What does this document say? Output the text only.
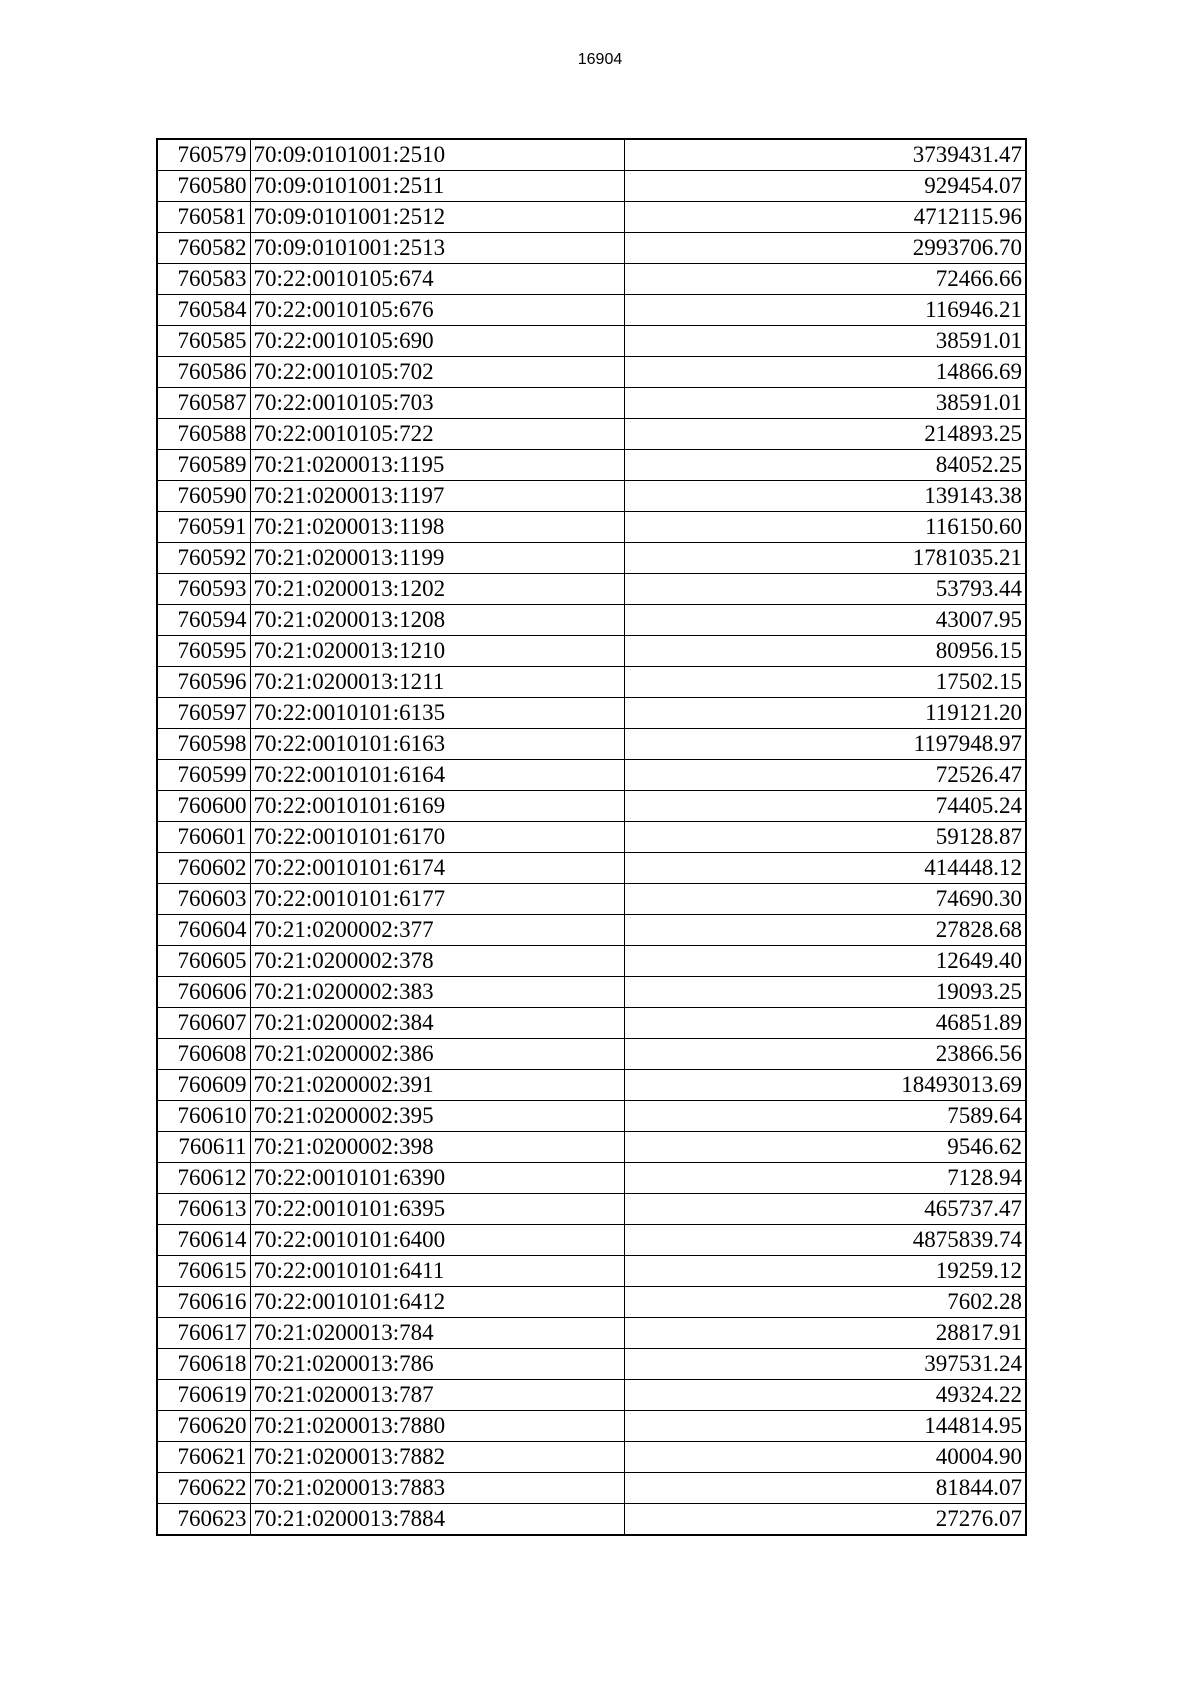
16904
760579	70:09:0101001:2510	3739431.47
760580	70:09:0101001:2511	929454.07
760581	70:09:0101001:2512	4712115.96
760582	70:09:0101001:2513	2993706.70
760583	70:22:0010105:674	72466.66
760584	70:22:0010105:676	116946.21
760585	70:22:0010105:690	38591.01
760586	70:22:0010105:702	14866.69
760587	70:22:0010105:703	38591.01
760588	70:22:0010105:722	214893.25
760589	70:21:0200013:1195	84052.25
760590	70:21:0200013:1197	139143.38
760591	70:21:0200013:1198	116150.60
760592	70:21:0200013:1199	1781035.21
760593	70:21:0200013:1202	53793.44
760594	70:21:0200013:1208	43007.95
760595	70:21:0200013:1210	80956.15
760596	70:21:0200013:1211	17502.15
760597	70:22:0010101:6135	119121.20
760598	70:22:0010101:6163	1197948.97
760599	70:22:0010101:6164	72526.47
760600	70:22:0010101:6169	74405.24
760601	70:22:0010101:6170	59128.87
760602	70:22:0010101:6174	414448.12
760603	70:22:0010101:6177	74690.30
760604	70:21:0200002:377	27828.68
760605	70:21:0200002:378	12649.40
760606	70:21:0200002:383	19093.25
760607	70:21:0200002:384	46851.89
760608	70:21:0200002:386	23866.56
760609	70:21:0200002:391	18493013.69
760610	70:21:0200002:395	7589.64
760611	70:21:0200002:398	9546.62
760612	70:22:0010101:6390	7128.94
760613	70:22:0010101:6395	465737.47
760614	70:22:0010101:6400	4875839.74
760615	70:22:0010101:6411	19259.12
760616	70:22:0010101:6412	7602.28
760617	70:21:0200013:784	28817.91
760618	70:21:0200013:786	397531.24
760619	70:21:0200013:787	49324.22
760620	70:21:0200013:7880	144814.95
760621	70:21:0200013:7882	40004.90
760622	70:21:0200013:7883	81844.07
760623	70:21:0200013:7884	27276.07
